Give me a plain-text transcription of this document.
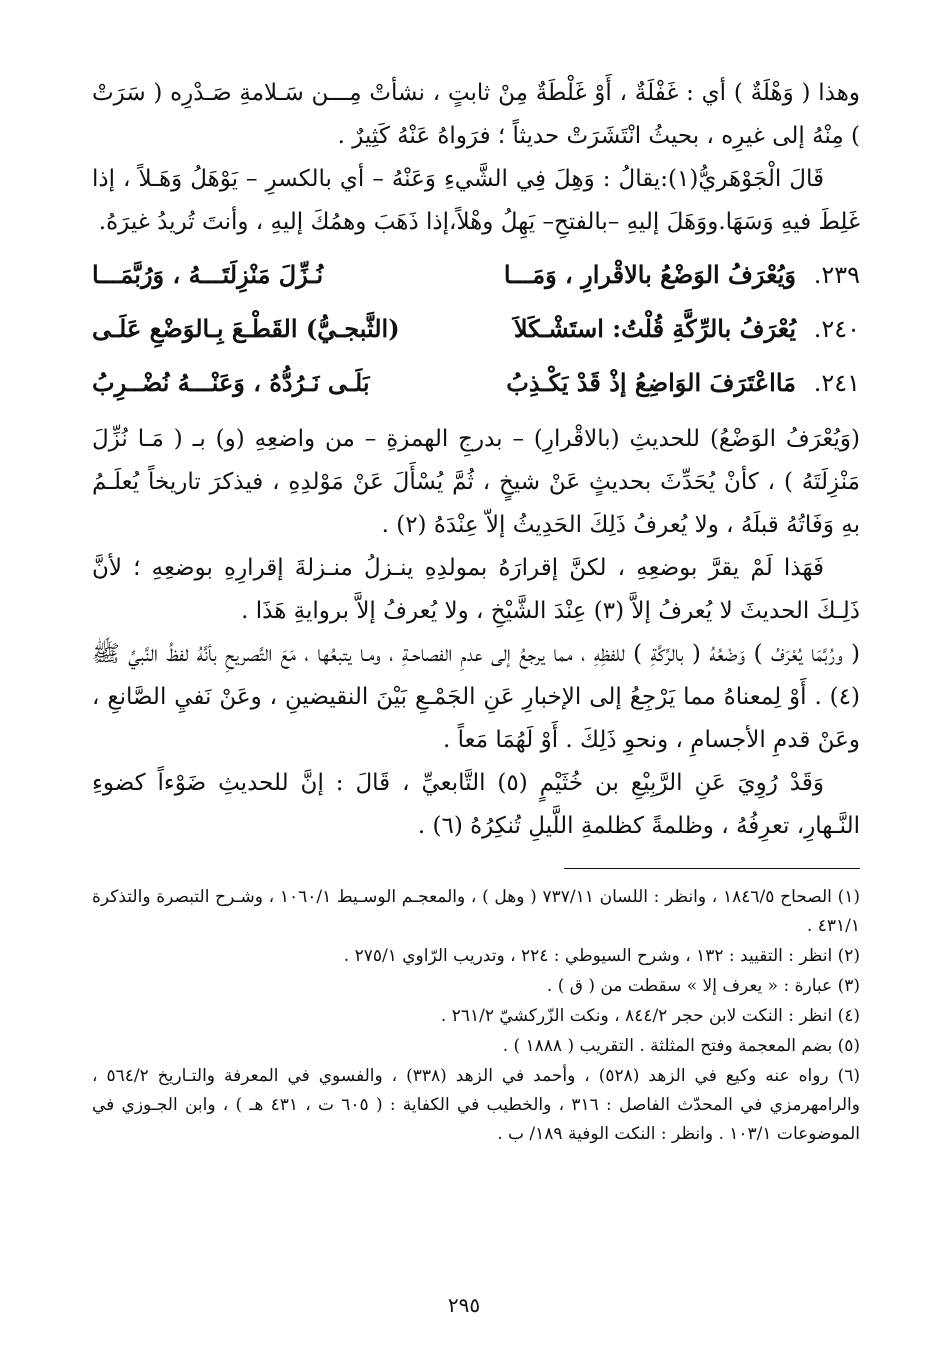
وهذا ( وَهْلَةٌ ) أي : غَفْلَةٌ ، أَوْ غَلْطَةٌ مِنْ ثابتٍ ، نشأتْ مِـــن سَـلامةِ صَـدْرِه ( سَرَتْ ) مِنْهُ إلى غيرِه ، بحيثُ انْتَشَرَتْ حديثاً ؛ فرَواهُ عَنْهُ كَثِيرٌ .

قَالَ الْجَوْهَريُّ(١):يقالُ : وَهِلَ فِي الشَّيءِ وَعَنْهُ – أي بالكسرِ – يَوْهَلُ وَهَـلاً ، إذا غَلِطَ فيهِ وَسَهَا.ووَهَلَ إليهِ –بالفتحِ– يَهِلُ وهْلاً،إذا ذَهَبَ وهمُكَ إليهِ ، وأنتَ تُريدُ غيرَهُ.

٢٣٩.
وَيُعْرَفُ الوَضْعُ بالاقْرارِ ، وَمَـــا
نُـزِّلَ مَنْزِلَتَـــهُ ، وَرُبَّمَـــا
٢٤٠.
يُعْرَفُ بالرِّكَّةِ قُلْتُ: استَشْـكَلاَ
(الثَّبجـيُّ) القَطْـعَ بِـالوَضْعِ عَلَـى
٢٤١.
مَااعْتَرَفَ الوَاضِعُ إذْ قَدْ يَكْـذِبُ
بَلَـى نَـرُدُّهُ ، وَعَنْـــهُ نُضْــرِبُ

(وَيُعْرَفُ الوَضْعُ) للحديثِ (بالاقْرارِ) – بدرجِ الهمزةِ – من واضعِهِ (و) بـ ( مَـا نُزِّلَ مَنْزِلَتَهُ ) ، كأنْ يُحَدِّثَ بحديثٍ عَنْ شيخٍ ، ثُمَّ يُسْأَلَ عَنْ مَوْلدِهِ ، فيذكرَ تاريخاً يُعلَـمُ بهِ وَفَاتُهُ قبلَهُ ، ولا يُعرفُ ذَلِكَ الحَدِيثُ إلاّ عِنْدَهُ (٢) .

فَهَذا لَمْ يقرَّ بوضعِهِ ، لكنَّ إقرارَهُ بمولدِهِ ينـزلُ منـزلةَ إقرارِهِ بوضعِهِ ؛ لأنَّ ذَلِـكَ الحديثَ لا يُعرفُ إلاَّ (٣) عِنْدَ الشَّيْخِ ، ولا يُعرفُ إلاَّ بروايةِ هَذَا .

( ورُبَّمَا يُعْرَفُ ) وَضْعُهُ ( بالرِّكَّةِ ) للفظِهِ ، مما يرجعُ إلى عدمِ الفصاحـةِ ، ومـا يتبعُها ، مَعَ التَّصريحِ بأنَّهُ لفظُ النَّبيِّ ﷺ (٤) . أَوْ لِمعناهُ مما يَرْجِعُ إلى الإخبارِ عَنِ الجَمْـعِ بَيْنَ النقيضينِ ، وعَنْ نَفيِ الصَّانعِ ، وعَنْ قدمِ الأجسامِ ، ونحوِ ذَلِكَ . أَوْ لَهُمَا مَعاً .

وَقَدْ رُوِيَ عَنِ الرَّبِيْعِ بن خُثَيْمٍ (٥) التَّابعيِّ ، قَالَ : إنَّ للحديثِ ضَوْءاً كضوءِ النَّـهارِ، تعرِفُهُ ، وظلمةً كظلمةِ اللَّيلِ تُنكِرُهُ (٦) .

(١) الصحاح ١٨٤٦/٥ ، وانظر : اللسان ٧٣٧/١١ ( وهل ) ، والمعجـم الوسـيط ١٠٦٠/١ ، وشـرح التبصرة والتذكرة ٤٣١/١ .

(٢) انظر : التقييد : ١٣٢ ، وشرح السيوطي : ٢٢٤ ، وتدريب الرّاوي ٢٧٥/١ .

(٣) عبارة : « يعرف إلا » سقطت من ( ق ) .

(٤) انظر : النكت لابن حجر ٨٤٤/٢ ، ونكت الزّركشيّ ٢٦١/٢ .

(٥) بضم المعجمة وفتح المثلثة . التقريب ( ١٨٨٨ ) .

(٦) رواه عنه وكيع في الزهد (٥٢٨) ، وأحمد في الزهد (٣٣٨) ، والفسوي في المعرفة والتـاريخ ٥٦٤/٢ ، والرامهرمزي في المحدّث الفاصل : ٣١٦ ، والخطيب في الكفاية : ( ٦٠٥ ت ، ٤٣١ هـ ) ، وابن الجـوزي في الموضوعات ١٠٣/١ . وانظر : النكت الوفية ١٨٩/ ب .

٢٩٥
